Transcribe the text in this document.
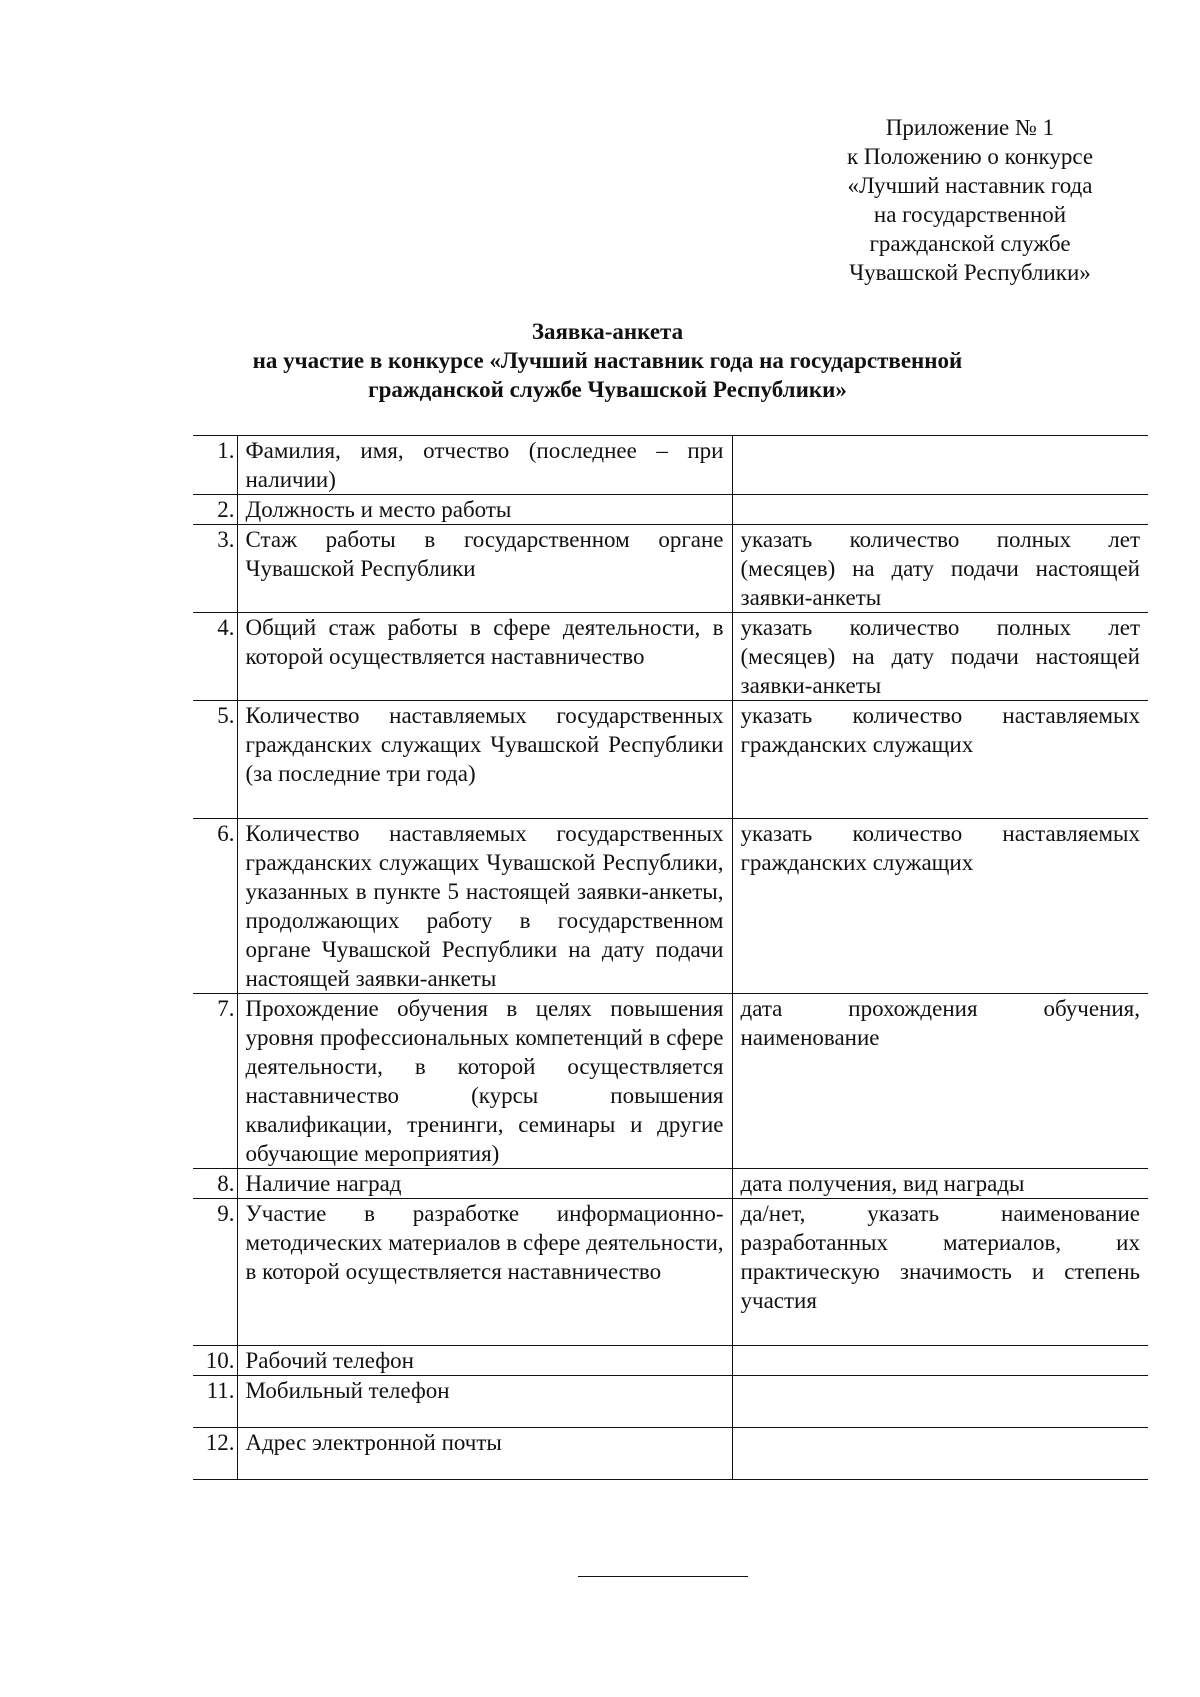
Приложение № 1
к Положению о конкурсе
«Лучший наставник года
на государственной
гражданской службе
Чувашской Республики»
Заявка-анкета
на участие в конкурсе «Лучший наставник года на государственной
гражданской службе Чувашской Республики»
1.	Фамилия, имя, отчество (последнее – при наличии)	
2.	Должность и место работы	
3.	Стаж работы в государственном органе Чувашской Республики	указать количество полных лет (месяцев) на дату подачи настоящей заявки-анкеты
4.	Общий стаж работы в сфере деятельности, в которой осуществляется наставничество	указать количество полных лет (месяцев) на дату подачи настоящей заявки-анкеты
5.	Количество наставляемых государственных гражданских служащих Чувашской Республики (за последние три года)	указать количество наставляемых гражданских служащих
6.	Количество наставляемых государственных гражданских служащих Чувашской Республики, указанных в пункте 5 настоящей заявки-анкеты, продолжающих работу в государственном органе Чувашской Республики на дату подачи настоящей заявки-анкеты	указать количество наставляемых гражданских служащих
7.	Прохождение обучения в целях повышения уровня профессиональных компетенций в сфере деятельности, в которой осуществляется наставничество (курсы повышения квалификации, тренинги, семинары и другие обучающие мероприятия)	дата прохождения обучения, наименование
8.	Наличие наград	дата получения, вид награды
9.	Участие в разработке информационно-методических материалов в сфере деятельности, в которой осуществляется наставничество	да/нет, указать наименование разработанных материалов, их практическую значимость и степень участия
10.	Рабочий телефон	
11.	Мобильный телефон	
12.	Адрес электронной почты	
